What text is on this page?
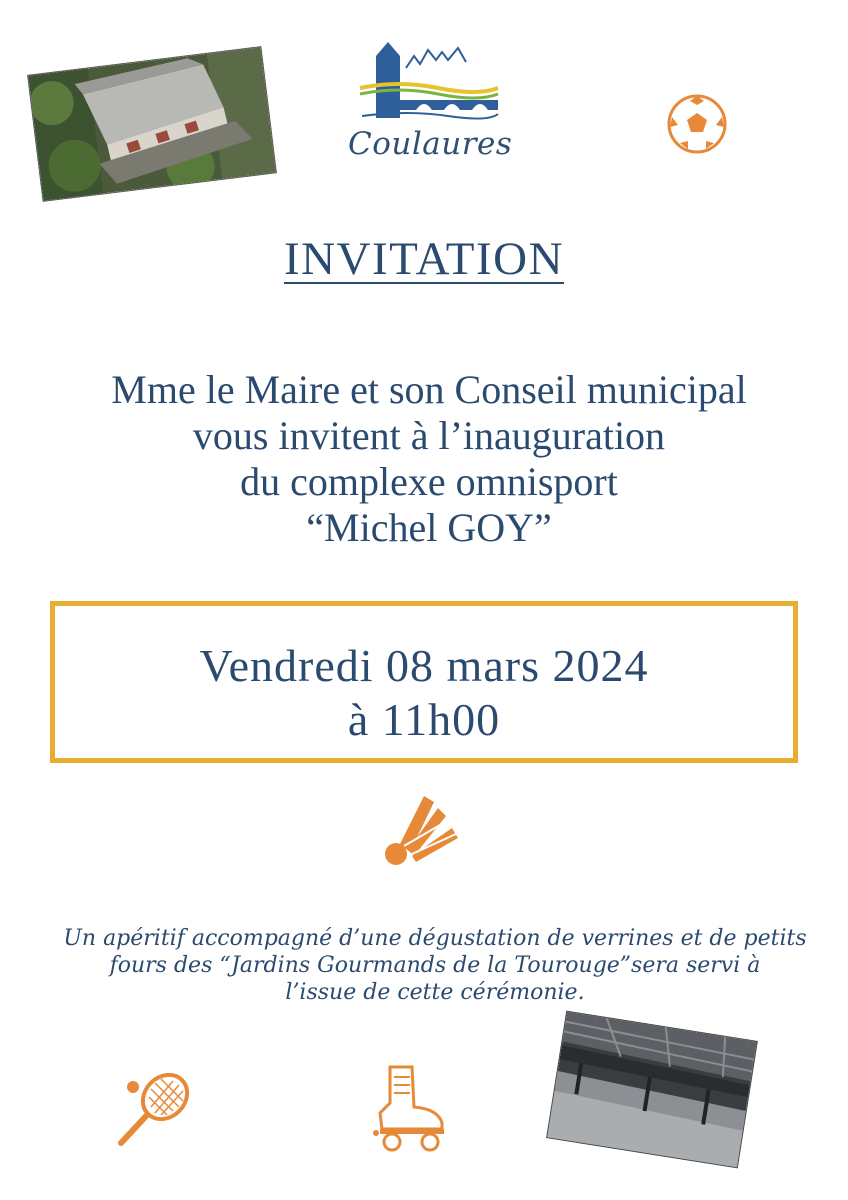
Coulaures
INVITATION
Mme le Maire et son Conseil municipal
vous invitent à l’inauguration
du complexe omnisport
“Michel GOY”
Vendredi 08 mars 2024
à 11h00
Un apéritif accompagné d’une dégustation de verrines et de petits
fours des “Jardins Gourmands de la Tourouge”sera servi à
l’issue de cette cérémonie.
